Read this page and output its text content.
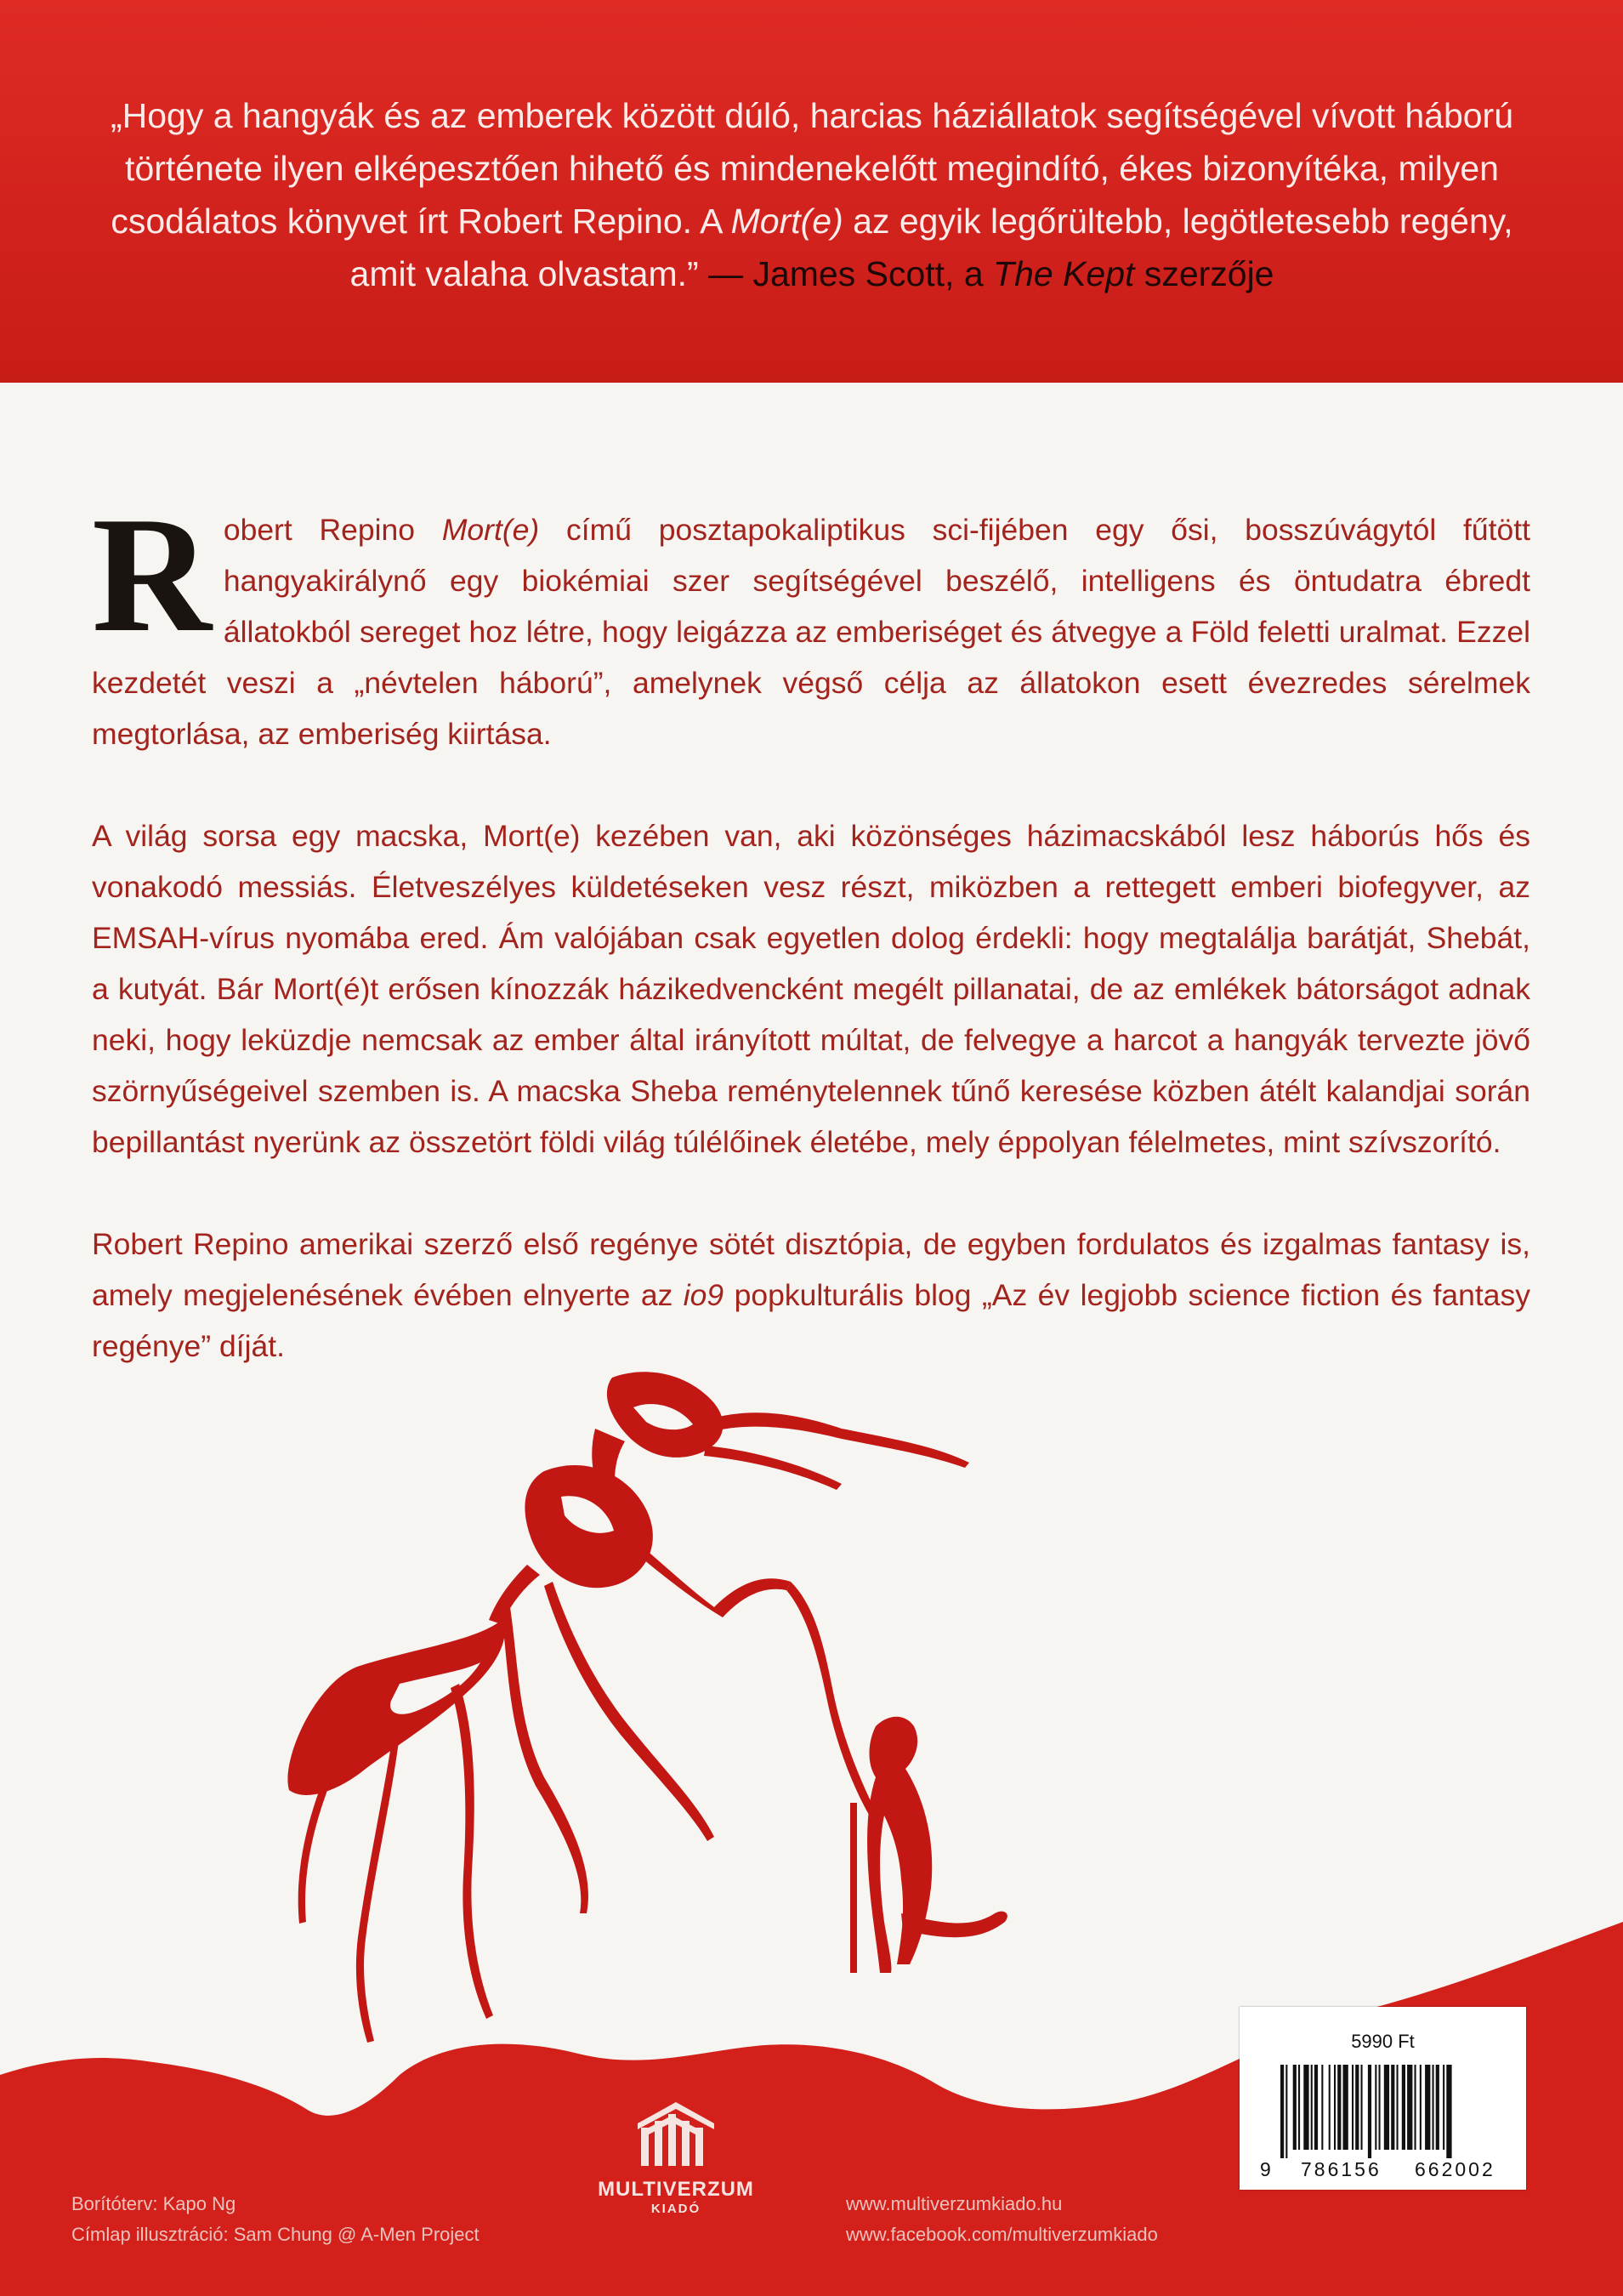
„Hogy a hangyák és az emberek között dúló, harcias háziállatok segítségével vívott háború története ilyen elképesztően hihető és mindenekelőtt megindító, ékes bizonyítéka, milyen csodálatos könyvet írt Robert Repino. A Mort(e) az egyik legőrültebb, legötletesebb regény, amit valaha olvastam.” — James Scott, a The Kept szerzője

Robert Repino Mort(e) című posztapokaliptikus sci-fijében egy ősi, bosszúvágytól fűtött hangyakirálynő egy biokémiai szer segítségével beszélő, intelligens és öntudatra ébredt állatokból sereget hoz létre, hogy leigázza az emberiséget és átvegye a Föld feletti uralmat. Ezzel kezdetét veszi a „névtelen háború”, amelynek végső célja az állatokon esett évezredes sérelmek megtorlása, az emberiség kiirtása.

A világ sorsa egy macska, Mort(e) kezében van, aki közönséges házimacskából lesz háborús hős és vonakodó messiás. Életveszélyes küldetéseken vesz részt, miközben a rettegett emberi biofegyver, az EMSAH-vírus nyomába ered. Ám valójában csak egyetlen dolog érdekli: hogy megtalálja barátját, Shebát, a kutyát. Bár Mort(é)t erősen kínozzák házikedvencként megélt pillanatai, de az emlékek bátorságot adnak neki, hogy leküzdje nemcsak az ember által irányított múltat, de felvegye a harcot a hangyák tervezte jövő szörnyűségeivel szemben is. A macska Sheba reménytelennek tűnő keresése közben átélt kalandjai során bepillantást nyerünk az összetört földi világ túlélőinek életébe, mely éppolyan félelmetes, mint szívszorító.

Robert Repino amerikai szerző első regénye sötét disztópia, de egyben fordulatos és izgalmas fantasy is, amely megjelenésének évében elnyerte az io9 popkulturális blog „Az év legjobb science fiction és fantasy regénye” díját.

Borítóterv: Kapo Ng
Címlap illusztráció: Sam Chung @ A-Men Project
MULTIVERZUM
KIADÓ	www.multiverzumkiado.hu
www.facebook.com/multiverzumkiado
5990 Ft
9 786156 662002
